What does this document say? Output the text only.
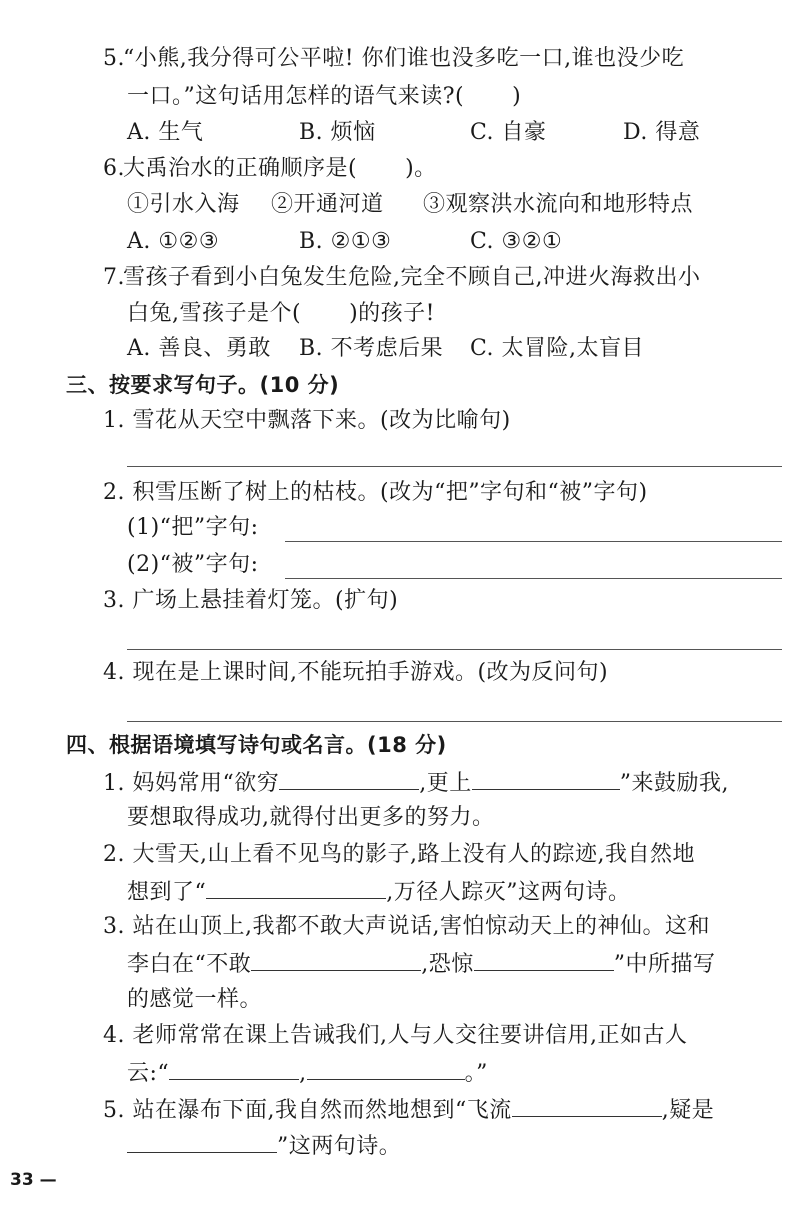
5.“小熊,我分得可公平啦! 你们谁也没多吃一口,谁也没少吃
一口。”这句话用怎样的语气来读?( )
A. 生气	B. 烦恼	C. 自豪	D. 得意
6.大禹治水的正确顺序是( )。
①引水入海 ②开通河道 ③观察洪水流向和地形特点
A. ①②③	B. ②①③	C. ③②①
7.雪孩子看到小白兔发生危险,完全不顾自己,冲进火海救出小
白兔,雪孩子是个( )的孩子!
A. 善良、勇敢 B. 不考虑后果 C. 太冒险,太盲目
三、按要求写句子。(10 分)
1. 雪花从天空中飘落下来。(改为比喻句)
2. 积雪压断了树上的枯枝。(改为“把”字句和“被”字句)
(1)“把”字句:
(2)“被”字句:
3. 广场上悬挂着灯笼。(扩句)
4. 现在是上课时间,不能玩拍手游戏。(改为反问句)
四、根据语境填写诗句或名言。(18 分)
1. 妈妈常用“欲穷	,更上	”来鼓励我,
要想取得成功,就得付出更多的努力。
2. 大雪天,山上看不见鸟的影子,路上没有人的踪迹,我自然地
想到了“	,万径人踪灭”这两句诗。
3. 站在山顶上,我都不敢大声说话,害怕惊动天上的神仙。这和
李白在“不敢	,恐惊	”中所描写
的感觉一样。
4. 老师常常在课上告诫我们,人与人交往要讲信用,正如古人
云:“	,	。”
5. 站在瀑布下面,我自然而然地想到“飞流	,疑是
”这两句诗。
33 —
